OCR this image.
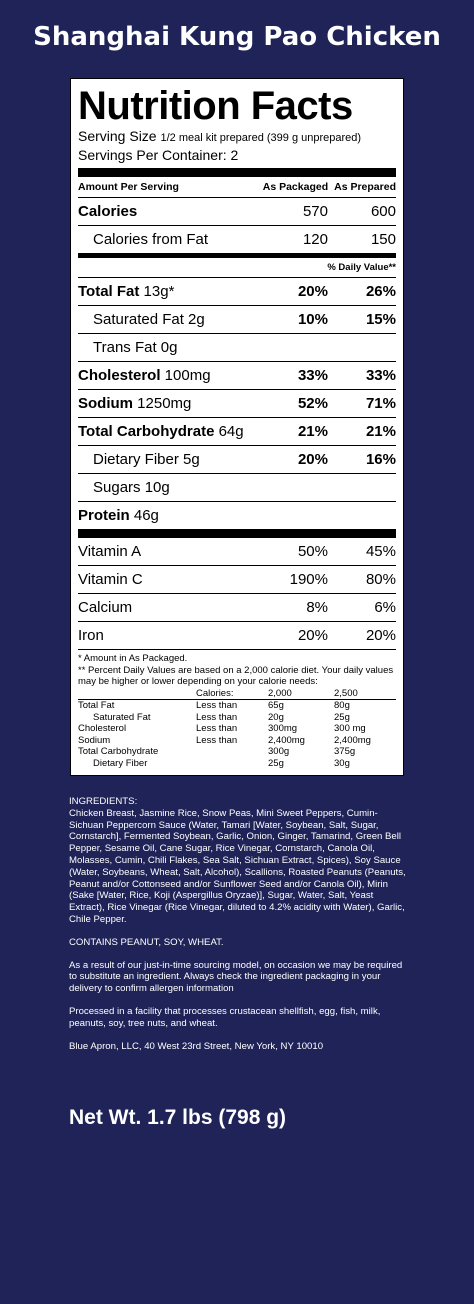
Shanghai Kung Pao Chicken
Nutrition Facts
Serving Size 1/2 meal kit prepared (399 g unprepared)
Servings Per Container: 2
Amount Per Serving	As Packaged As Prepared
Calories	570	600
Calories from Fat	120	150
% Daily Value**
Total Fat 13g*	20%	26%
Saturated Fat 2g	10%	15%
Trans Fat 0g
Cholesterol 100mg	33%	33%
Sodium 1250mg	52%	71%
Total Carbohydrate 64g	21%	21%
Dietary Fiber 5g	20%	16%
Sugars 10g
Protein 46g
Vitamin A	50%	45%
Vitamin C	190%	80%
Calcium	8%	6%
Iron	20%	20%
* Amount in As Packaged.
** Percent Daily Values are based on a 2,000 calorie diet. Your daily values may be higher or lower depending on your calorie needs:
	Calories:	2,000	2,500
Total Fat	Less than	65g	80g
Saturated Fat	Less than	20g	25g
Cholesterol	Less than	300mg	300 mg
Sodium	Less than	2,400mg	2,400mg
Total Carbohydrate		300g	375g
Dietary Fiber		25g	30g
INGREDIENTS:

Chicken Breast, Jasmine Rice, Snow Peas, Mini Sweet Peppers, Cumin-Sichuan Peppercorn Sauce (Water, Tamari [Water, Soybean, Salt, Sugar, Cornstarch], Fermented Soybean, Garlic, Onion, Ginger, Tamarind, Green Bell Pepper, Sesame Oil, Cane Sugar, Rice Vinegar, Cornstarch, Canola Oil, Molasses, Cumin, Chili Flakes, Sea Salt, Sichuan Extract, Spices), Soy Sauce (Water, Soybeans, Wheat, Salt, Alcohol), Scallions, Roasted Peanuts (Peanuts, Peanut and/or Cottonseed and/or Sunflower Seed and/or Canola Oil), Mirin (Sake [Water, Rice, Koji (Aspergillus Oryzae)], Sugar, Water, Salt, Yeast Extract), Rice Vinegar (Rice Vinegar, diluted to 4.2% acidity with Water), Garlic, Chile Pepper.

CONTAINS PEANUT, SOY, WHEAT.

As a result of our just-in-time sourcing model, on occasion we may be required to substitute an ingredient. Always check the ingredient packaging in your delivery to confirm allergen information

Processed in a facility that processes crustacean shellfish, egg, fish, milk, peanuts, soy, tree nuts, and wheat.

Blue Apron, LLC, 40 West 23rd Street, New York, NY 10010

Net Wt. 1.7 lbs (798 g)
